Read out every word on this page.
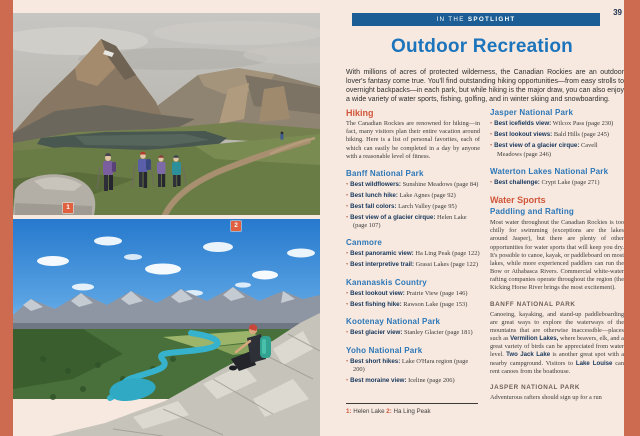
1
2
39
IN THE SPOTLIGHT
Outdoor Recreation
With millions of acres of protected wilderness, the Canadian Rockies are an outdoor lover's fantasy come true. You'll find outstanding hiking opportunities—from easy strolls to overnight backpacks—in each park, but while hiking is the major draw, you can also enjoy a wide variety of water sports, fishing, golfing, and in winter skiing and snowboarding.
Hiking

The Canadian Rockies are renowned for hiking—in fact, many visitors plan their entire vacation around hiking. Here is a list of personal favorites, each of which can easily be completed in a day by anyone with a reasonable level of fitness.

Banff National Park
• Best wildflowers: Sunshine Meadows (page 84)
• Best lunch hike: Lake Agnes (page 92)
• Best fall colors: Larch Valley (page 95)
• Best view of a glacier cirque: Helen Lake (page 107)
Canmore
• Best panoramic view: Ha Ling Peak (page 122)
• Best interpretive trail: Grassi Lakes (page 122)
Kananaskis Country
• Best lookout view: Prairie View (page 146)
• Best fishing hike: Rawson Lake (page 153)
Kootenay National Park
• Best glacier view: Stanley Glacier (page 181)
Yoho National Park
• Best short hikes: Lake O'Hara region (page 200)
• Best moraine view: Iceline (page 206)
Jasper National Park
• Best icefields view: Wilcox Pass (page 230)
• Best lookout views: Bald Hills (page 245)
• Best view of a glacier cirque: Cavell Meadows (page 246)
Waterton Lakes National Park
• Best challenge: Crypt Lake (page 271)
Water Sports
Paddling and Rafting

Most water throughout the Canadian Rockies is too chilly for swimming (exceptions are the lakes around Jasper), but there are plenty of other opportunities for water sports that will keep you dry. It's possible to canoe, kayak, or paddleboard on most lakes, while more experienced paddlers can run the Bow or Athabasca Rivers. Commercial white-water rafting companies operate throughout the region (the Kicking Horse River brings the most excitement).

BANFF NATIONAL PARK

Canoeing, kayaking, and stand-up paddleboarding are great ways to explore the waterways of the mountains that are otherwise inaccessible—places such as Vermilion Lakes, where beavers, elk, and a great variety of birds can be appreciated from water level. Two Jack Lake is another great spot with a nearby campground. Visitors to Lake Louise can rent canoes from the boathouse.

JASPER NATIONAL PARK

Adventurous rafters should sign up for a run

1: Helen Lake 2: Ha Ling Peak
